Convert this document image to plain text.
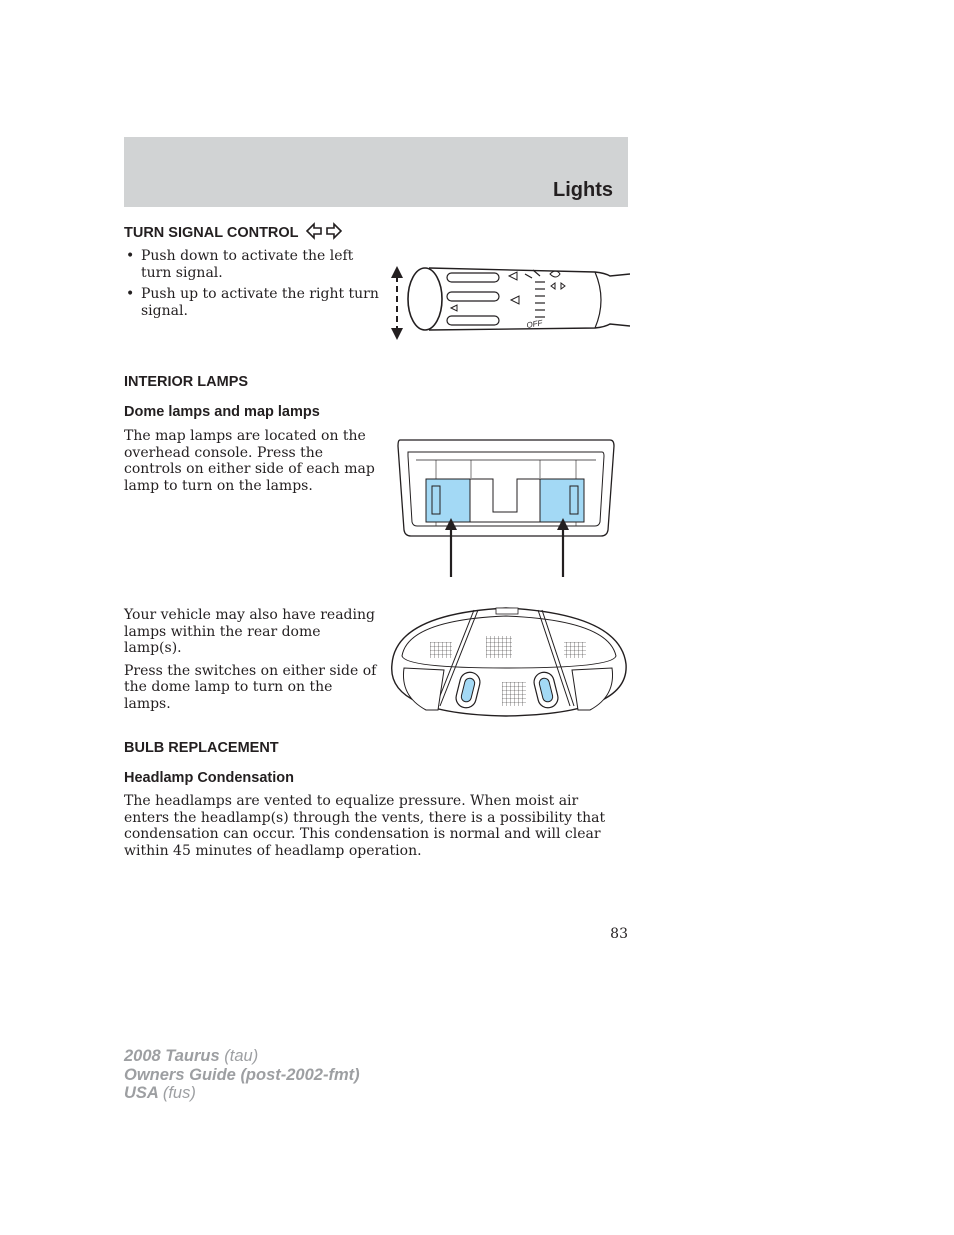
Lights
TURN SIGNAL CONTROL
• Push down to activate the left turn signal.
• Push up to activate the right turn signal.
OFF
INTERIOR LAMPS
Dome lamps and map lamps
The map lamps are located on the overhead console. Press the controls on either side of each map lamp to turn on the lamps.

Your vehicle may also have reading lamps within the rear dome lamp(s).

Press the switches on either side of the dome lamp to turn on the lamps.

BULB REPLACEMENT
Headlamp Condensation
The headlamps are vented to equalize pressure. When moist air enters the headlamp(s) through the vents, there is a possibility that condensation can occur. This condensation is normal and will clear within 45 minutes of headlamp operation.
83
2008 Taurus (tau)
Owners Guide (post-2002-fmt)
USA (fus)
